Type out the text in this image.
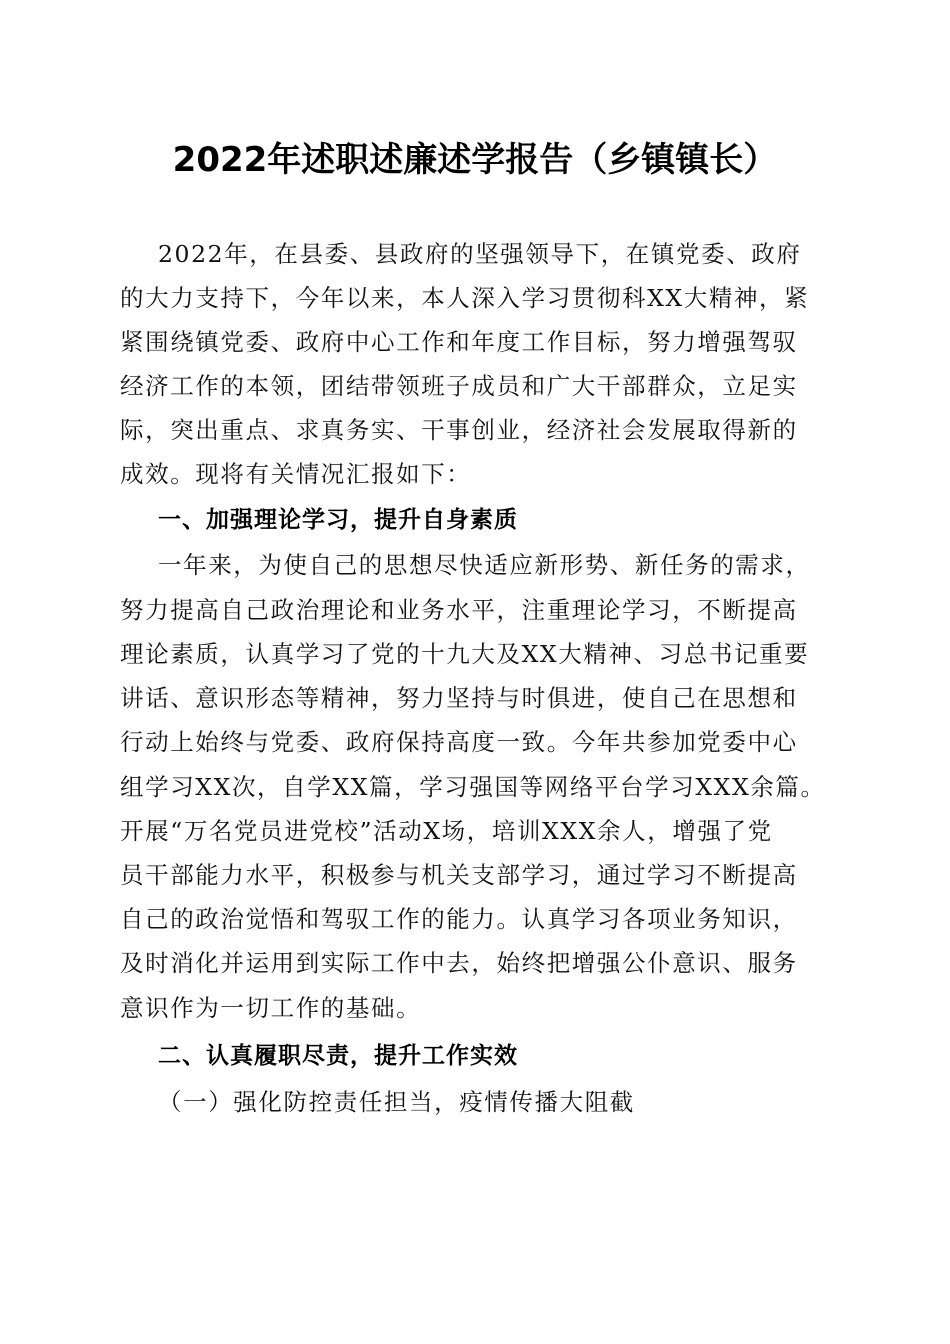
2022年述职述廉述学报告（乡镇镇长）
2022年，在县委、县政府的坚强领导下，在镇党委、政府
的大力支持下，今年以来，本人深入学习贯彻科XX大精神，紧
紧围绕镇党委、政府中心工作和年度工作目标，努力增强驾驭
经济工作的本领，团结带领班子成员和广大干部群众，立足实
际，突出重点、求真务实、干事创业，经济社会发展取得新的
成效。现将有关情况汇报如下：
一、加强理论学习，提升自身素质
一年来，为使自己的思想尽快适应新形势、新任务的需求，
努力提高自己政治理论和业务水平，注重理论学习，不断提高
理论素质，认真学习了党的十九大及XX大精神、习总书记重要
讲话、意识形态等精神，努力坚持与时俱进，使自己在思想和
行动上始终与党委、政府保持高度一致。今年共参加党委中心
组学习XX次，自学XX篇，学习强国等网络平台学习XXX余篇。
开展“万名党员进党校”活动X场，培训XXX余人，增强了党
员干部能力水平，积极参与机关支部学习，通过学习不断提高
自己的政治觉悟和驾驭工作的能力。认真学习各项业务知识，
及时消化并运用到实际工作中去，始终把增强公仆意识、服务
意识作为一切工作的基础。
二、认真履职尽责，提升工作实效
（一）强化防控责任担当，疫情传播大阻截
